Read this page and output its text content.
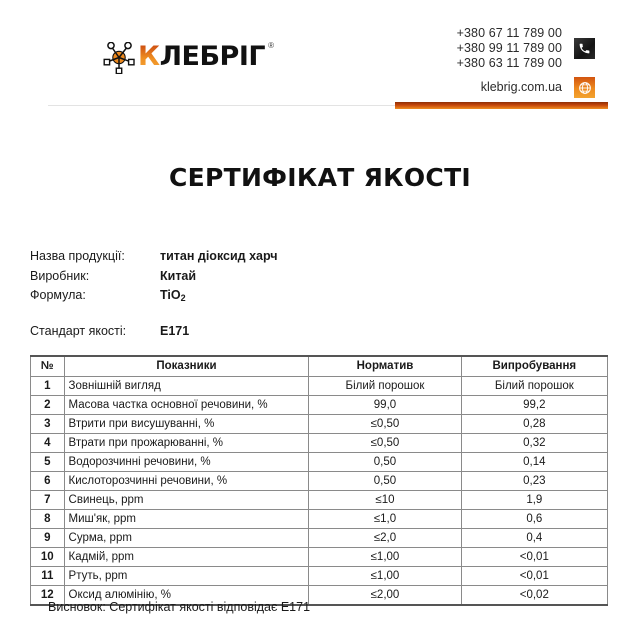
КЛЕБРІГ ®
+380 67 11 789 00
+380 99 11 789 00
+380 63 11 789 00
klebrig.com.ua
СЕРТИФІКАТ ЯКОСТІ
Назва продукції:	титан діоксид харч
Виробник:	Китай
Формула:	TiO$_2$
Стандарт якості:	Е171
№	Показники	Норматив	Випробування
1	Зовнішній вигляд	Білий порошок	Білий порошок
2	Масова частка основної речовини, %	99,0	99,2
3	Втрити при висушуванні, %	≤0,50	0,28
4	Втрати при прожарюванні, %	≤0,50	0,32
5	Водорозчинні речовини, %	0,50	0,14
6	Кислоторозчинні речовини, %	0,50	0,23
7	Свинець, ppm	≤10	1,9
8	Миш'як, ppm	≤1,0	0,6
9	Сурма, ppm	≤2,0	0,4
10	Кадмій, ppm	≤1,00	<0,01
11	Ртуть, ppm	≤1,00	<0,01
12	Оксид алюмінію, %	≤2,00	<0,02
Висновок: Сертифікат якості відповідає Е171
